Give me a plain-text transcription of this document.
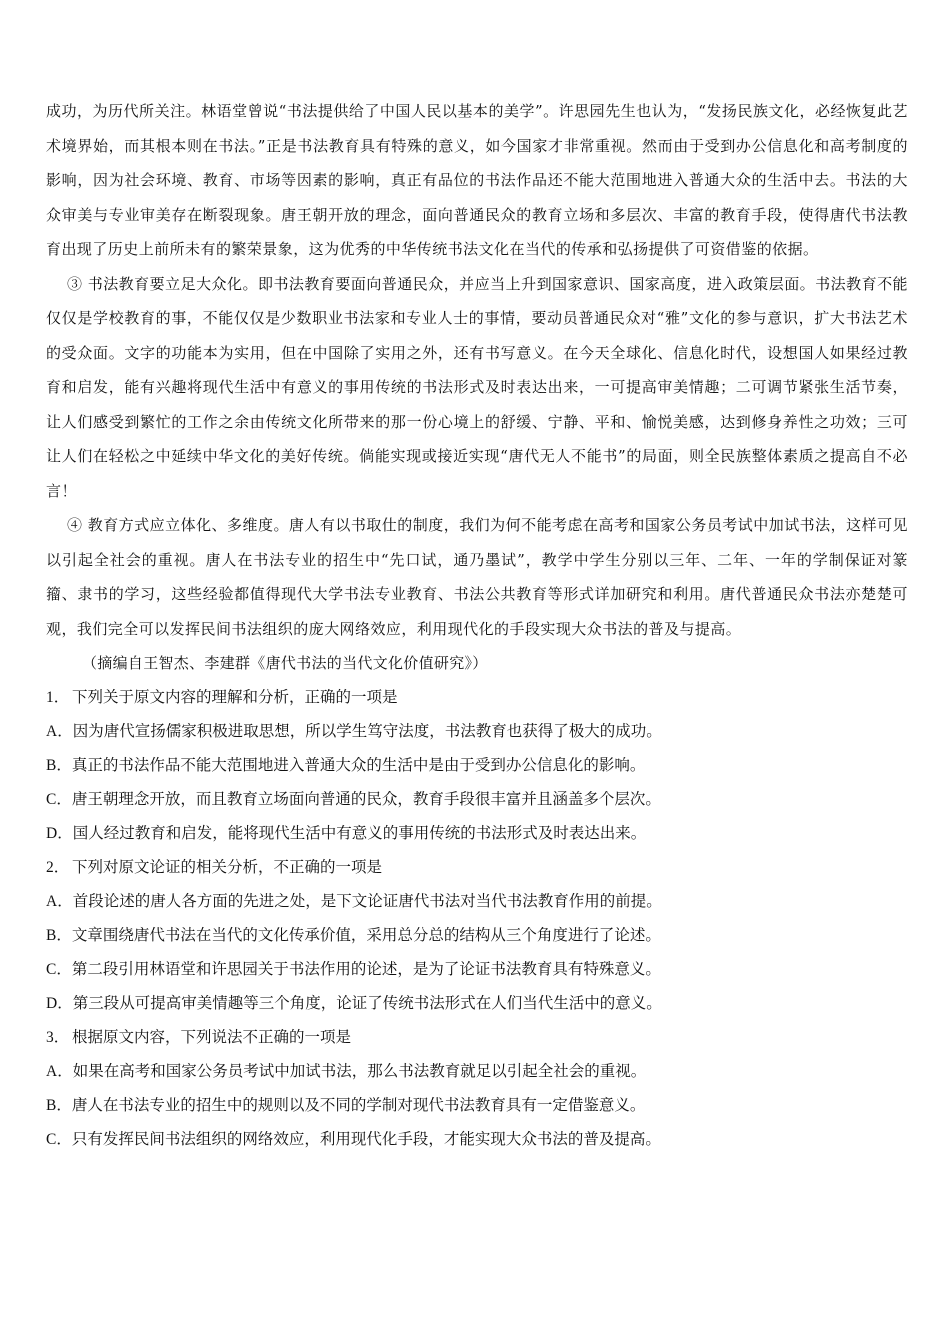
成功，为历代所关注。林语堂曾说“书法提供给了中国人民以基本的美学”。许思园先生也认为，“发扬民族文化，必经恢复此艺术境界始，而其根本则在书法。”正是书法教育具有特殊的意义，如今国家才非常重视。然而由于受到办公信息化和高考制度的影响，因为社会环境、教育、市场等因素的影响，真正有品位的书法作品还不能大范围地进入普通大众的生活中去。书法的大众审美与专业审美存在断裂现象。唐王朝开放的理念，面向普通民众的教育立场和多层次、丰富的教育手段，使得唐代书法教育出现了历史上前所未有的繁荣景象，这为优秀的中华传统书法文化在当代的传承和弘扬提供了可资借鉴的依据。

③ 书法教育要立足大众化。即书法教育要面向普通民众，并应当上升到国家意识、国家高度，进入政策层面。书法教育不能仅仅是学校教育的事，不能仅仅是少数职业书法家和专业人士的事情，要动员普通民众对“雅”文化的参与意识，扩大书法艺术的受众面。文字的功能本为实用，但在中国除了实用之外，还有书写意义。在今天全球化、信息化时代，设想国人如果经过教育和启发，能有兴趣将现代生活中有意义的事用传统的书法形式及时表达出来，一可提高审美情趣；二可调节紧张生活节奏，让人们感受到繁忙的工作之余由传统文化所带来的那一份心境上的舒缓、宁静、平和、愉悦美感，达到修身养性之功效；三可让人们在轻松之中延续中华文化的美好传统。倘能实现或接近实现“唐代无人不能书”的局面，则全民族整体素质之提高自不必言！

④ 教育方式应立体化、多维度。唐人有以书取仕的制度，我们为何不能考虑在高考和国家公务员考试中加试书法，这样可见以引起全社会的重视。唐人在书法专业的招生中“先口试，通乃墨试”，教学中学生分别以三年、二年、一年的学制保证对篆籀、隶书的学习，这些经验都值得现代大学书法专业教育、书法公共教育等形式详加研究和利用。唐代普通民众书法亦楚楚可观，我们完全可以发挥民间书法组织的庞大网络效应，利用现代化的手段实现大众书法的普及与提高。

（摘编自王智杰、李建群《唐代书法的当代文化价值研究》）

1． 下列关于原文内容的理解和分析，正确的一项是

A．因为唐代宣扬儒家积极进取思想，所以学生笃守法度，书法教育也获得了极大的成功。

B．真正的书法作品不能大范围地进入普通大众的生活中是由于受到办公信息化的影响。

C．唐王朝理念开放，而且教育立场面向普通的民众，教育手段很丰富并且涵盖多个层次。

D．国人经过教育和启发，能将现代生活中有意义的事用传统的书法形式及时表达出来。

2． 下列对原文论证的相关分析，不正确的一项是

A．首段论述的唐人各方面的先进之处，是下文论证唐代书法对当代书法教育作用的前提。

B．文章围绕唐代书法在当代的文化传承价值，采用总分总的结构从三个角度进行了论述。

C．第二段引用林语堂和许思园关于书法作用的论述，是为了论证书法教育具有特殊意义。

D．第三段从可提高审美情趣等三个角度，论证了传统书法形式在人们当代生活中的意义。

3． 根据原文内容，下列说法不正确的一项是

A．如果在高考和国家公务员考试中加试书法，那么书法教育就足以引起全社会的重视。

B．唐人在书法专业的招生中的规则以及不同的学制对现代书法教育具有一定借鉴意义。

C．只有发挥民间书法组织的网络效应，利用现代化手段，才能实现大众书法的普及提高。
